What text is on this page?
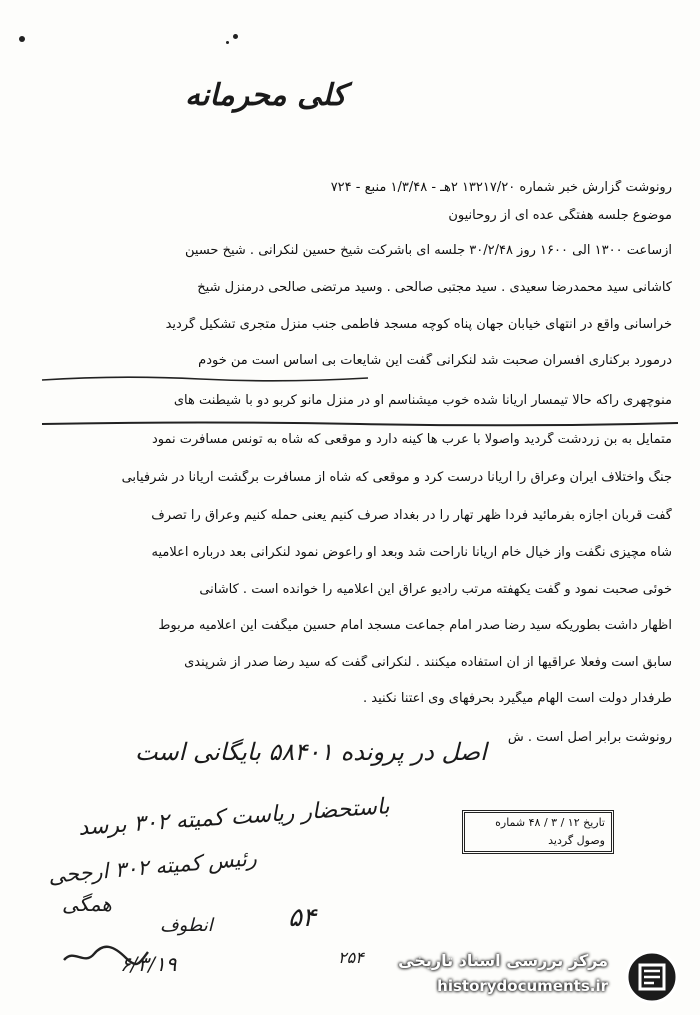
کلی محرمانه
رونوشت گزارش خبر شماره ۱۳۲۱۷/۲۰ ۲هـ - ۱/۳/۴۸ منبع - ۷۲۴
موضوع جلسه هفتگی عده ای از روحانیون
ازساعت ۱۳۰۰ الی ۱۶۰۰ روز ۳۰/۲/۴۸ جلسه ای باشرکت شیخ حسین لنکرانی . شیخ حسین
کاشانی سید محمدرضا سعیدی . سید مجتبی صالحی . وسید مرتضی صالحی درمنزل شیخ
خراسانی واقع در انتهای خیابان جهان پناه کوچه مسجد فاطمی جنب منزل متجری تشکیل گردید
درمورد برکناری افسران صحبت شد لنکرانی گفت این شایعات بی اساس است من خودم
منوچهری راکه حالا تیمسار آریانا شده خوب میشناسم او در منزل مانو کربو دو با شیطنت های
متمایل به بن زردشت گردید واصولا با عرب ها کینه دارد و موقعی که شاه به تونس مسافرت نمود
جنگ واختلاف ایران وعراق را آریانا درست کرد و موقعی که شاه از مسافرت برگشت آریانا در شرفیابی
گفت قربان اجازه بفرمائید فردا ظهر تهار را در بغداد صرف کنیم یعنی حمله کنیم وعراق را تصرف
شاه مچیزی نگفت واز خیال خام آریانا ناراحت شد وبعد او راعوض نمود لنکرانی بعد درباره اعلامیه
خوئی صحبت نمود و گفت یکهفته مرتب رادیو عراق این اعلامیه را خوانده است . کاشانی
اظهار داشت بطوریکه سید رضا صدر امام جماعت مسجد امام حسین میگفت این اعلامیه مربوط
سابق است وفعلا عراقیها از آن استفاده میکنند . لنکرانی گفت که سید رضا صدر از شرپندی
طرفدار دولت است الهام میگیرد بحرفهای وی اعتنا نکنید .
رونوشت برابر اصل است . ش
اصل در پرونده ۵۸۴۰۱ بایگانی است
تاریخ ۱۲ / ۳ / ۴۸ شماره
وصول گردید
باستحضار ریاست کمیته ۳۰۲ برسد
رئیس کمیته ۳۰۲ ارجحی
همگی
انطوف	۵۴
۶/۳/۱۹	۲۵۴ مرکز بررسی اسناد تاریخی
historydocuments.ir
